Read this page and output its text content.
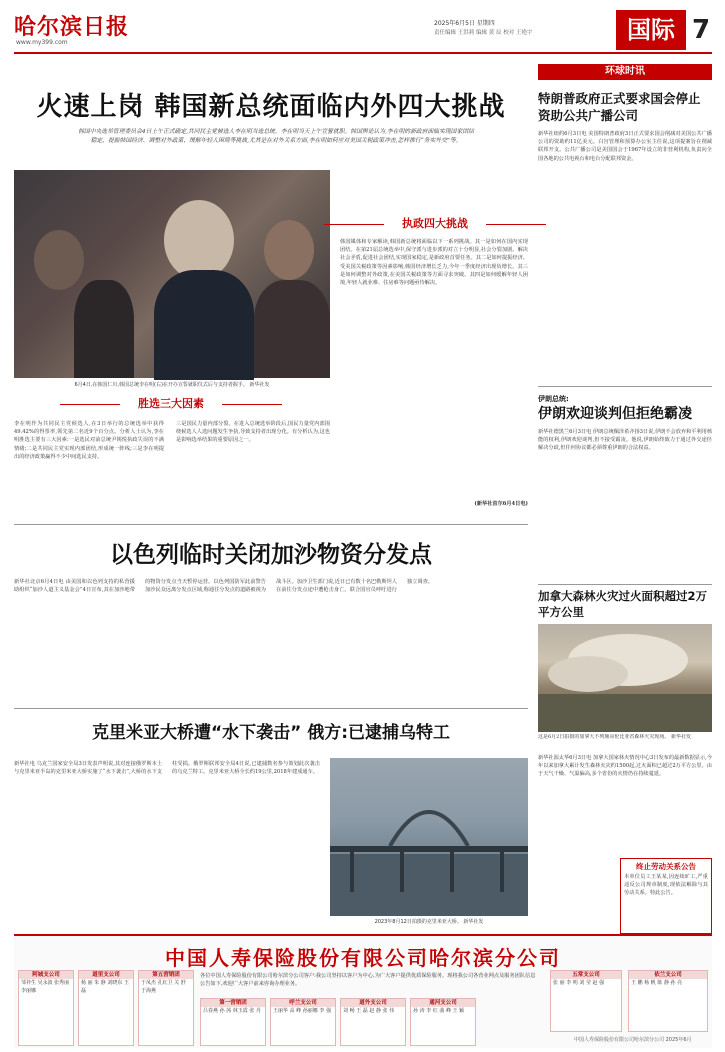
哈尔滨日报
www.my399.com
2025年6月5日 星期四
责任编辑 王洪莉 编辑 黄 辰 校对 王艳宇	国际 7
火速上岗 韩国新总统面临内外四大挑战
韩国中央选举管理委员会4日上午正式确定,共同民主党候选人李在明当选总统。李在明当天上午宣誓就职。韩国舆论认为,李在明的新政府面临实现国家团结稳定、提振韩国经济、调整对外政策、缓解年轻人困境等挑战,尤其是在对外关系方面,李在明如何应对美国关税政策冲击,怎样推行“务实外交”等。
6月4日,在韩国仁川,韩国总统李在明(右)在开办宣誓就职仪式后与支持者握手。 新华社发
执政四大挑战
韩国媒体和专家解读,韩国新总统将面临以下一系列挑战。其一是如何在国内实现团结。在第21届总统选举中,保守派与进步派的对立十分明显,社会分裂加剧。解决社会矛盾,促进社会团结,实现国家稳定,是新政府首要任务。其二是如何提振经济。受美国关税政策等因素影响,韩国经济增长乏力,今年一季度经济出现负增长。其三是如何调整对外政策,在美国关税政策等方面寻求突破。其四是如何缓解年轻人困境,年轻人就业难、住房难等问题亟待解决。
胜选三大因素
李在明作为共同民主党候选人,在3日举行的总统选举中获得49.42%的得票率,领先第二名近9个百分点。分析人士认为,李在明胜选主要有三大因素:一是选民对前总统尹锡悦执政失误的不满情绪;二是共同民主党实现内部团结,形成统一阵线;三是李在明提出的经济政策赢得不少中间选民支持。
三是国民力量内部分裂。在进入总统选举阶段后,国民力量党内部围绕候选人人选问题发生争执,导致支持者出现分化。有分析认为,这也是影响选举结果的重要原因之一。
(新华社首尔6月4日电)
以色列临时关闭加沙物资分发点
新华社北京6月4日电 由美国和以色列支持的私营援助组织“加沙人道主义基金会”4日宣布,其在加沙地带的物资分发点当天暂停运营。以色列国防军此前警告加沙民众远离分发点区域,称通往分发点的道路被视为战斗区。加沙卫生部门说,近日已有数十名巴勒斯坦人在前往分发点途中遭枪击身亡。联合国官员呼吁进行独立调查。
克里米亚大桥遭“水下袭击” 俄方:已逮捕乌特工
新华社电 乌克兰国家安全局3日发表声明说,其对连接俄罗斯本土与克里米亚半岛的克里米亚大桥实施了“水下袭击”,大桥的水下支柱受损。俄罗斯联邦安全局4日说,已逮捕数名参与策划此次袭击的乌克兰特工。克里米亚大桥全长约19公里,2018年建成通车。
2023年8月12日拍摄的克里米亚大桥。 新华社发
环球时讯
特朗普政府正式要求国会停止资助公共广播公司
新华社纽约6月3日电 美国特朗普政府3日正式要求国会削减对美国公共广播公司的资助约11亿美元。白宫管理和预算办公室主任说,这项提案旨在削减联邦开支。公共广播公司是美国国会于1967年设立的非营利机构,负责向全国各地的公共电视台和电台分配联邦资金。
伊朗总统:
伊朗欢迎谈判但拒绝霸凌
新华社德黑兰6月3日电 伊朗总统佩泽希齐扬3日说,伊朗不会放弃和平利用核能的权利,伊朗欢迎谈判,但不接受霸凌。他说,伊朗始终致力于通过外交途径解决分歧,但任何协议都必须尊重伊朗的合法权益。
加拿大森林火灾过火面积超过2万平方公里
这是6月2日拍摄的加拿大不列颠哥伦比亚省森林火灾现场。 新华社发
新华社渥太华6月3日电 加拿大国家林火情况中心3日发布的最新数据显示,今年以来加拿大累计发生森林火灾约1500起,过火面积已超过2万平方公里。由于天气干燥、气温偏高,多个省份的火情仍在持续蔓延。
终止劳动关系公告
本单位员工王某某,因连续旷工,严重违反公司规章制度,现依法解除与其劳动关系。特此公告。
中国人寿保险股份有限公司哈尔滨分公司
阿城支公司
邹祥生 吴永波 张秀丽 李丽娜
道里支公司
杨 丽 朱 静 刘晓东 王 磊
第五营销团
于凤杰 孔红卫 关 舒 于海燕
各位中国人寿保险股份有限公司哈尔滨分公司客户:我公司坚持以客户为中心,为广大客户提供优质保险服务。现将我公司各营业网点及服务团队信息公告如下,欢迎广大客户前来咨询办理业务。
第一营销团
吕春燕 孙 茜 林玉霞 张 丹
呼兰支公司
王丽华 高 峰 孙丽娜 李 强
道外支公司
刘 畅 王 磊 赵 静 张 伟
通河支公司
孙 涛 李 红 曲 峰 王 颖
五常支公司
张 丽 李 明 刘 莹 赵 强
依兰支公司
王 鹏 杨 帆 陈 静 孙 亮
中国人寿保险股份有限公司哈尔滨分公司 2025年6月
